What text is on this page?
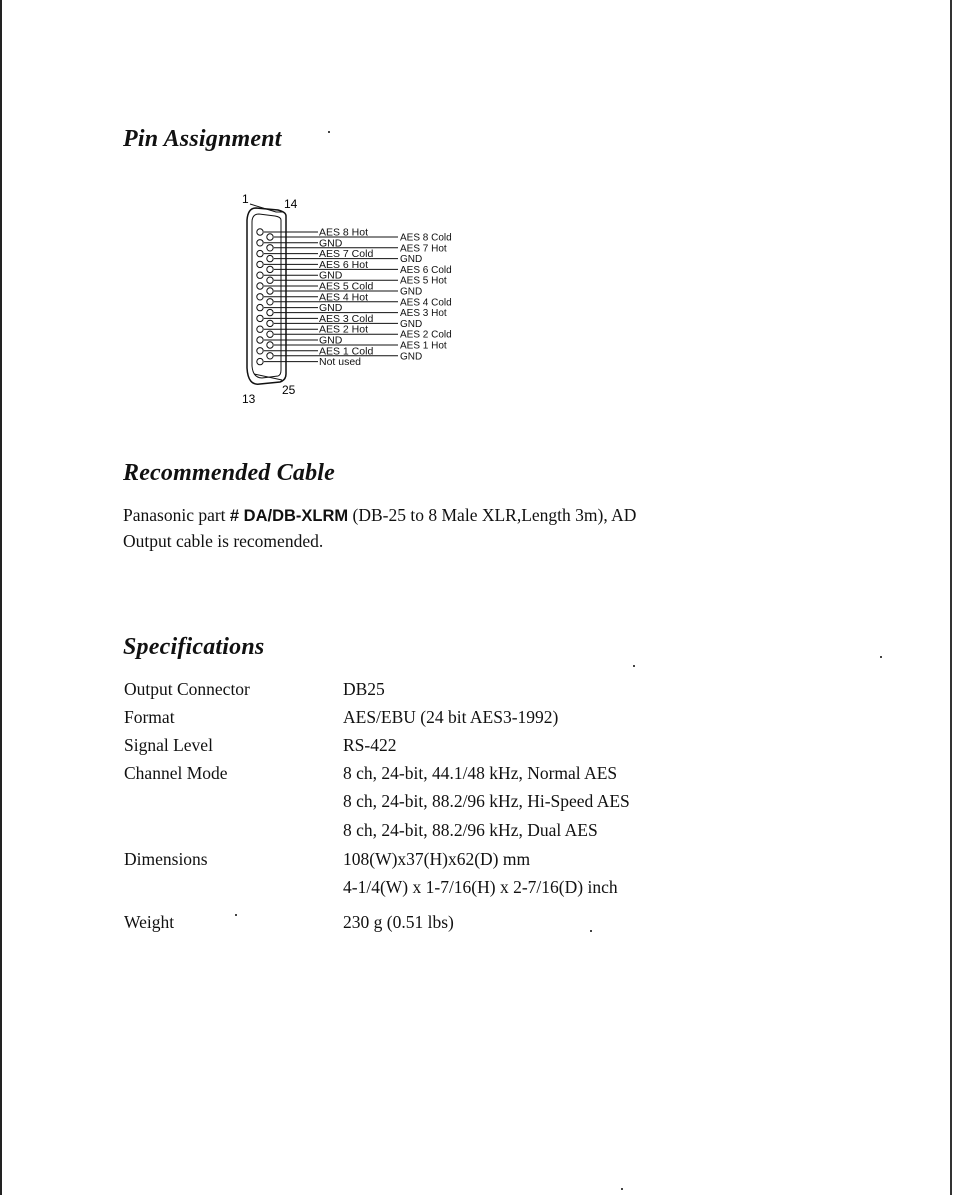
Pin Assignment
1	14
13
25
AES 8 Hot
GND
AES 7 Cold
AES 6 Hot
GND
AES 5 Cold
AES 4 Hot
GND
AES 3 Cold
AES 2 Hot
GND
AES 1 Cold
Not used
AES 8 Cold
AES 7 Hot
GND
AES 6 Cold
AES 5 Hot
GND
AES 4 Cold
AES 3 Hot
GND
AES 2 Cold
AES 1 Hot
GND
Recommended Cable

Panasonic part # DA/DB-XLRM (DB-25 to 8 Male XLR,Length 3m), AD
Output cable is recomended.

Specifications
Output Connector	DB25
Format	AES/EBU (24 bit AES3-1992)
Signal Level	RS-422
Channel Mode	8 ch, 24-bit, 44.1/48 kHz, Normal AES
8 ch, 24-bit, 88.2/96 kHz, Hi-Speed AES
8 ch, 24-bit, 88.2/96 kHz, Dual AES
Dimensions	108(W)x37(H)x62(D) mm
4-1/4(W) x 1-7/16(H) x 2-7/16(D) inch
Weight	230 g (0.51 lbs)
